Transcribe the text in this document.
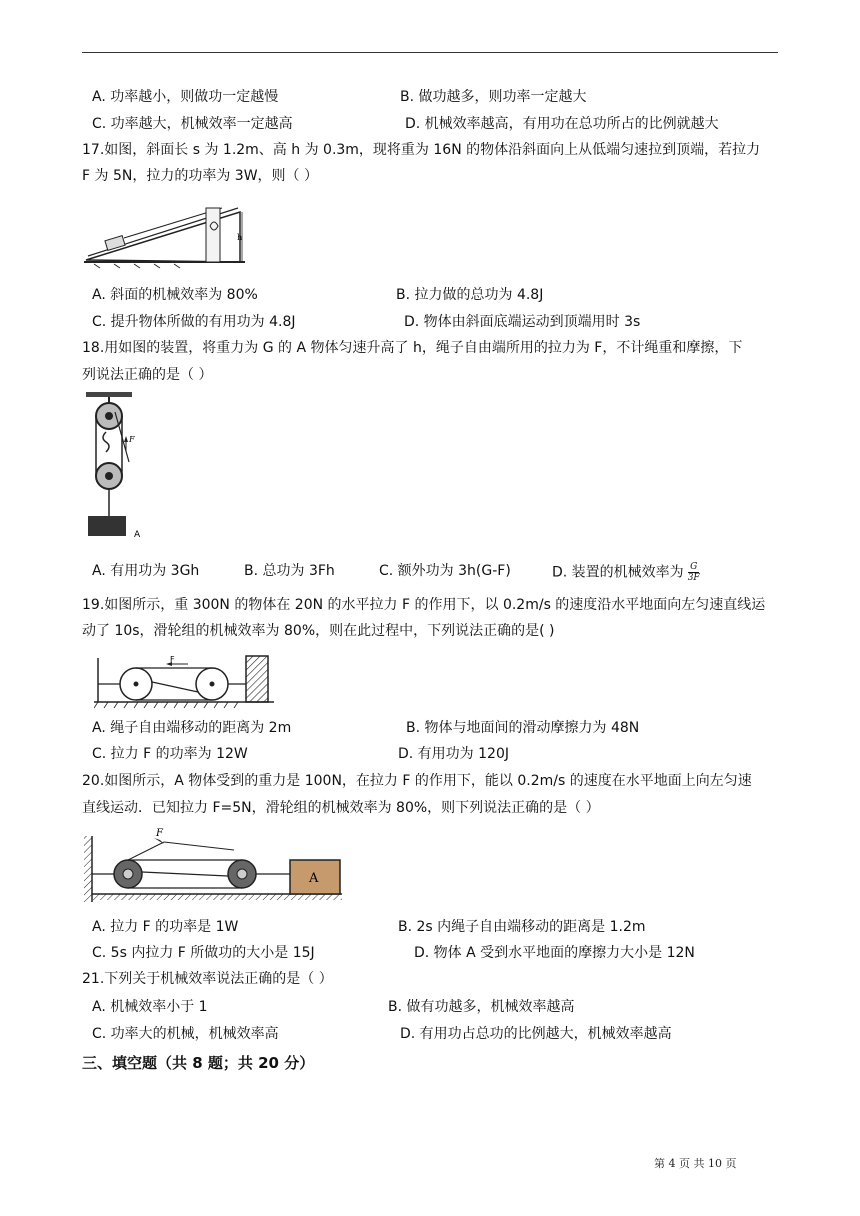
A. 功率越小，则做功一定越慢	B. 做功越多，则功率一定越大
C. 功率越大，机械效率一定越高	D. 机械效率越高，有用功在总功所占的比例就越大
17.如图，斜面长 s 为 1.2m、高 h 为 0.3m，现将重为 16N 的物体沿斜面向上从低端匀速拉到顶端，若拉力
F 为 5N，拉力的功率为 3W，则（ ）
h
A. 斜面的机械效率为 80%	B. 拉力做的总功为 4.8J
C. 提升物体所做的有用功为 4.8J	D. 物体由斜面底端运动到顶端用时 3s
18.用如图的装置，将重力为 G 的 A 物体匀速升高了 h，绳子自由端所用的拉力为 F，不计绳重和摩擦，下
列说法正确的是（ ）
F
A
A. 有用功为 3Gh	B. 总功为 3Fh	C. 额外功为 3h(G-F)	D. 装置的机械效率为 $\frac{G}{3F}$
19.如图所示，重 300N 的物体在 20N 的水平拉力 F 的作用下，以 0.2m/s 的速度沿水平地面向左匀速直线运
动了 10s，滑轮组的机械效率为 80%，则在此过程中，下列说法正确的是( )
F
A. 绳子自由端移动的距离为 2m	B. 物体与地面间的滑动摩擦力为 48N
C. 拉力 F 的功率为 12W	D. 有用功为 120J
20.如图所示，A 物体受到的重力是 100N，在拉力 F 的作用下，能以 0.2m/s 的速度在水平地面上向左匀速
直线运动．已知拉力 F=5N，滑轮组的机械效率为 80%，则下列说法正确的是（ ）
F
A
A. 拉力 F 的功率是 1W	B. 2s 内绳子自由端移动的距离是 1.2m
C. 5s 内拉力 F 所做功的大小是 15J	D. 物体 A 受到水平地面的摩擦力大小是 12N
21.下列关于机械效率说法正确的是（ ）
A. 机械效率小于 1	B. 做有功越多，机械效率越高
C. 功率大的机械，机械效率高	D. 有用功占总功的比例越大，机械效率越高
三、填空题（共 8 题；共 20 分）
第 4 页 共 10 页
